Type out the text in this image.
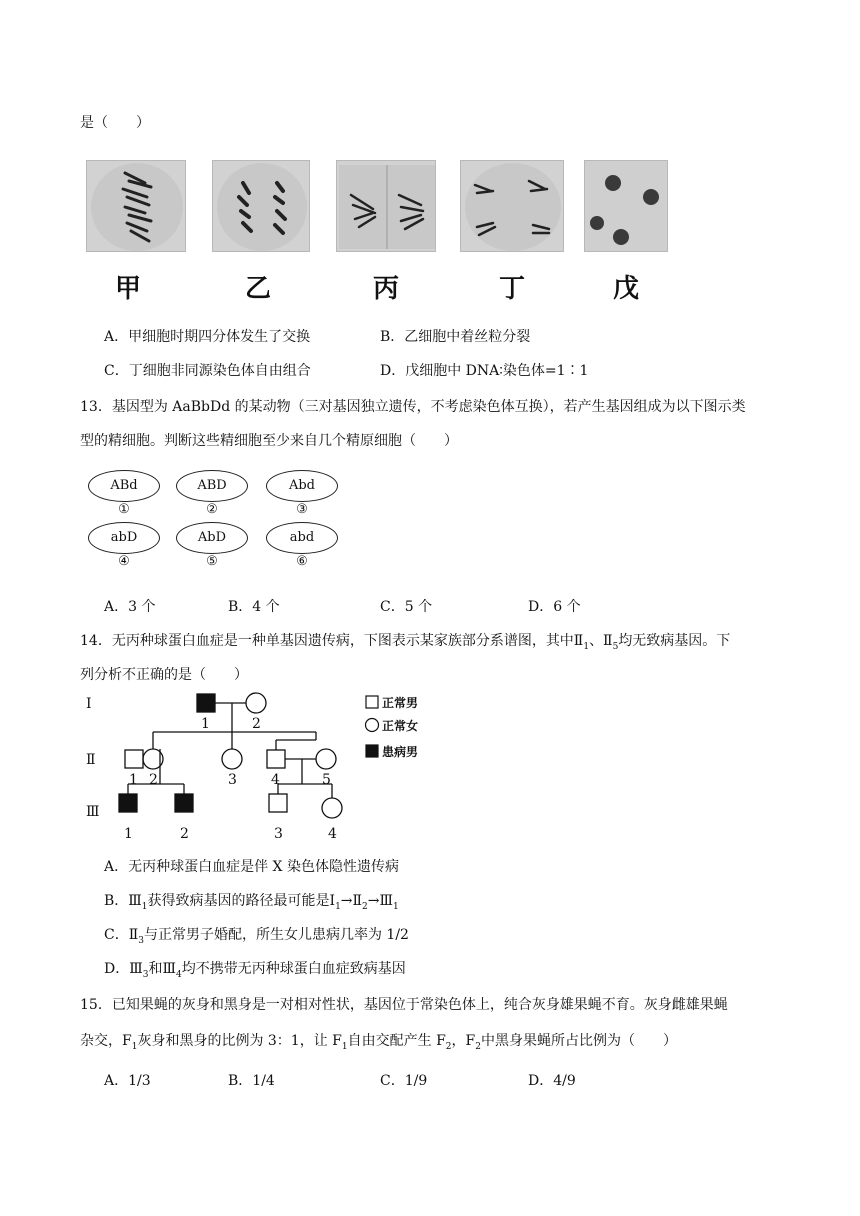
是（　　）
甲	乙	丙	丁	戊
A．甲细胞时期四分体发生了交换	B．乙细胞中着丝粒分裂
C．丁细胞非同源染色体自由组合	D．戊细胞中 DNA∶染色体=1∶1
13．基因型为 AaBbDd 的某动物（三对基因独立遗传，不考虑染色体互换），若产生基因组成为以下图示类
型的精细胞。判断这些精细胞至少来自几个精原细胞（　　）
ABd	ABD	Abd
①	②	③
abD	AbD	abd
④	⑤	⑥
A．3 个	B．4 个	C．5 个	D．6 个
14．无丙种球蛋白血症是一种单基因遗传病，下图表示某家族部分系谱图，其中$Ⅱ_1$、$Ⅱ_5$均无致病基因。下
列分析不正确的是（　　）
Ⅰ
Ⅱ
Ⅲ
1	2
1 2	3 4	5
1	2	3	4
正常男
正常女
患病男
A．无丙种球蛋白血症是伴 X 染色体隐性遗传病
B．$Ⅲ_1$获得致病基因的路径最可能是$Ⅰ_1\to Ⅱ_2\to Ⅲ_1$
C．$Ⅱ_3$与正常男子婚配，所生女儿患病几率为 1/2
D．$Ⅲ_3$和$Ⅲ_4$均不携带无丙种球蛋白血症致病基因
15．已知果蝇的灰身和黑身是一对相对性状，基因位于常染色体上，纯合灰身雄果蝇不育。灰身雌雄果蝇
杂交，$F_1$灰身和黑身的比例为 3：1，让 $F_1$自由交配产生 $F_2$，$F_2$中黑身果蝇所占比例为（　　）
A．1/3	B．1/4	C．1/9	D．4/9
